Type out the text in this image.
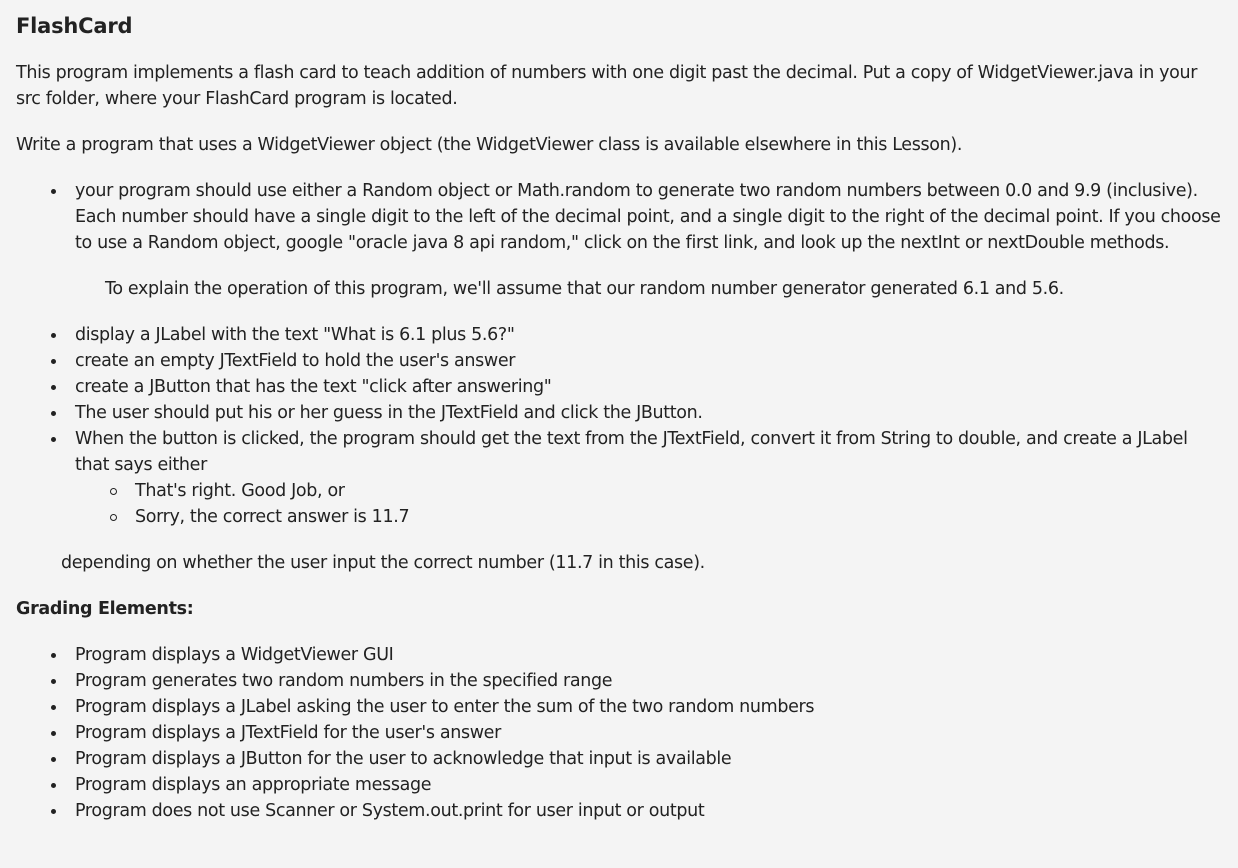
FlashCard

This program implements a flash card to teach addition of numbers with one digit past the decimal. Put a copy of WidgetViewer.java in your src folder, where your FlashCard program is located.

Write a program that uses a WidgetViewer object (the WidgetViewer class is available elsewhere in this Lesson).

your program should use either a Random object or Math.random to generate two random numbers between 0.0 and 9.9 (inclusive). Each number should have a single digit to the left of the decimal point, and a single digit to the right of the decimal point. If you choose to use a Random object, google "oracle java 8 api random," click on the first link, and look up the nextInt or nextDouble methods.

To explain the operation of this program, we'll assume that our random number generator generated 6.1 and 5.6.

display a JLabel with the text "What is 6.1 plus 5.6?"
create an empty JTextField to hold the user's answer
create a JButton that has the text "click after answering"
The user should put his or her guess in the JTextField and click the JButton.
When the button is clicked, the program should get the text from the JTextField, convert it from String to double, and create a JLabel that says either
That's right. Good Job, or
Sorry, the correct answer is 11.7

depending on whether the user input the correct number (11.7 in this case).

Grading Elements:

Program displays a WidgetViewer GUI
Program generates two random numbers in the specified range
Program displays a JLabel asking the user to enter the sum of the two random numbers
Program displays a JTextField for the user's answer
Program displays a JButton for the user to acknowledge that input is available
Program displays an appropriate message
Program does not use Scanner or System.out.print for user input or output
